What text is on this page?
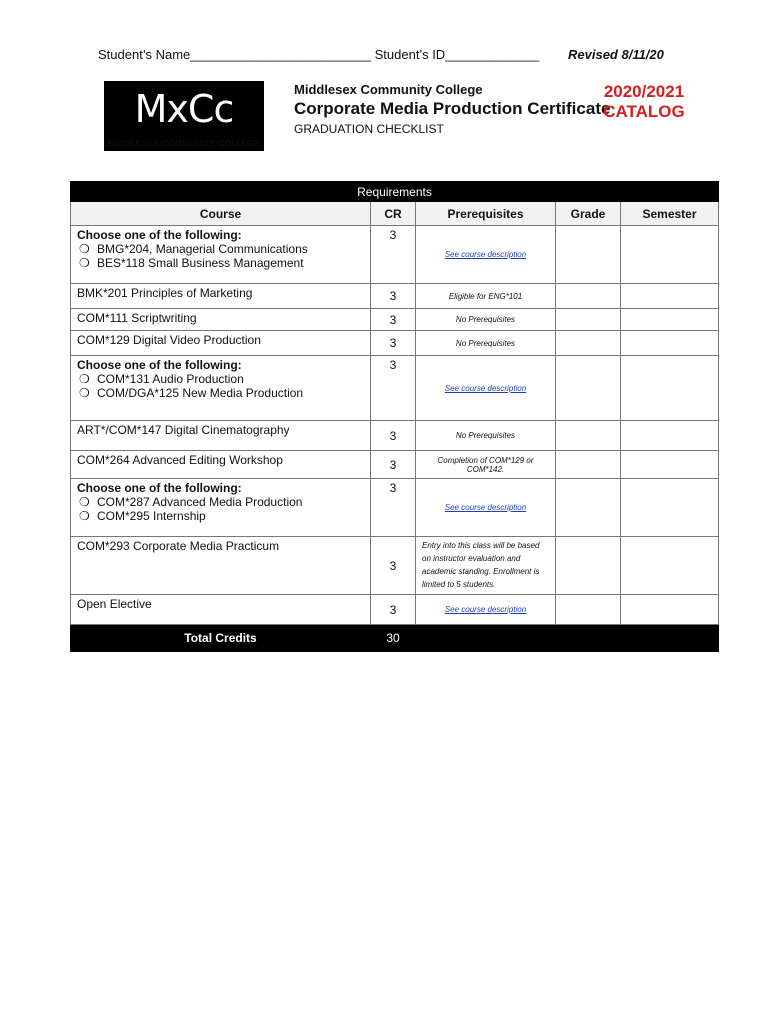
Student’s Name_________________________ Student’s ID_____________ Revised 8/11/20
MxCc
MIDDLESEX COMMUNITY COLLEGE
Middlesex Community College
Corporate Media Production Certificate
GRADUATION CHECKLIST
2020/2021
CATALOG
Requirements				
Course	CR	Prerequisites	Grade	Semester

Choose one of the following:
❍ BMG*204, Managerial Communications
❍ BES*118 Small Business Management	3	See course description		
BMK*201 Principles of Marketing	3	Eligible for ENG*101		
COM*111 Scriptwriting	3	No Prerequisites		
COM*129 Digital Video Production	3	No Prerequisites		

Choose one of the following:
❍ COM*131 Audio Production
❍ COM/DGA*125 New Media Production	3	See course description		
ART*/COM*147 Digital Cinematography	3	No Prerequisites		
COM*264 Advanced Editing Workshop	3	Completion of COM*129 or COM*142.		

Choose one of the following:
❍ COM*287 Advanced Media Production
❍ COM*295 Internship	3	See course description		
COM*293 Corporate Media Practicum	3	Entry into this class will be based on instructor evaluation and academic standing. Enrollment is limited to 5 students.		
Open Elective	3	See course description		
Total Credits	30			
